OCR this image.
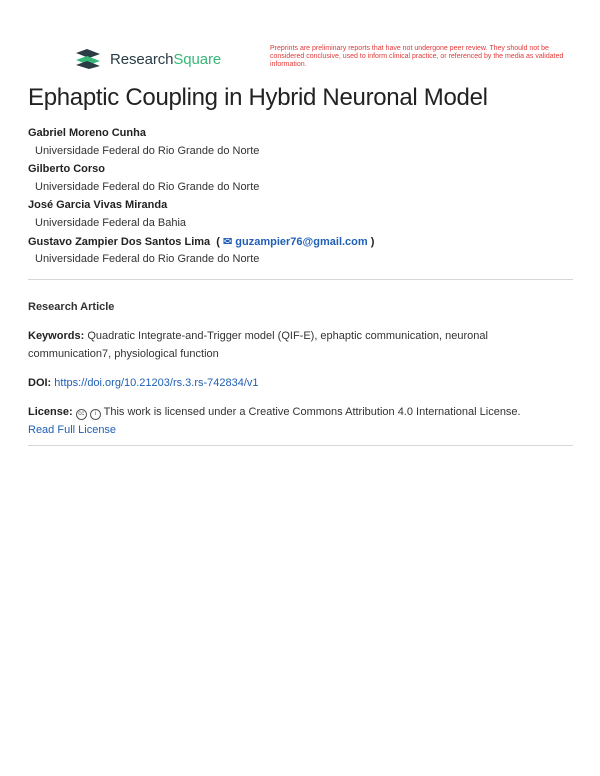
ResearchSquare
Preprints are preliminary reports that have not undergone peer review. They should not be considered conclusive, used to inform clinical practice, or referenced by the media as validated information.
Ephaptic Coupling in Hybrid Neuronal Model
Gabriel Moreno Cunha
Universidade Federal do Rio Grande do Norte
Gilberto Corso
Universidade Federal do Rio Grande do Norte
José Garcia Vivas Miranda
Universidade Federal da Bahia
Gustavo Zampier Dos Santos Lima  ( ✉ guzampier76@gmail.com )
Universidade Federal do Rio Grande do Norte
Research Article
Keywords: Quadratic Integrate-and-Trigger model (QIF-E), ephaptic communication, neuronal communication7, physiological function
DOI: https://doi.org/10.21203/rs.3.rs-742834/v1
License: cc i This work is licensed under a Creative Commons Attribution 4.0 International License.
Read Full License
